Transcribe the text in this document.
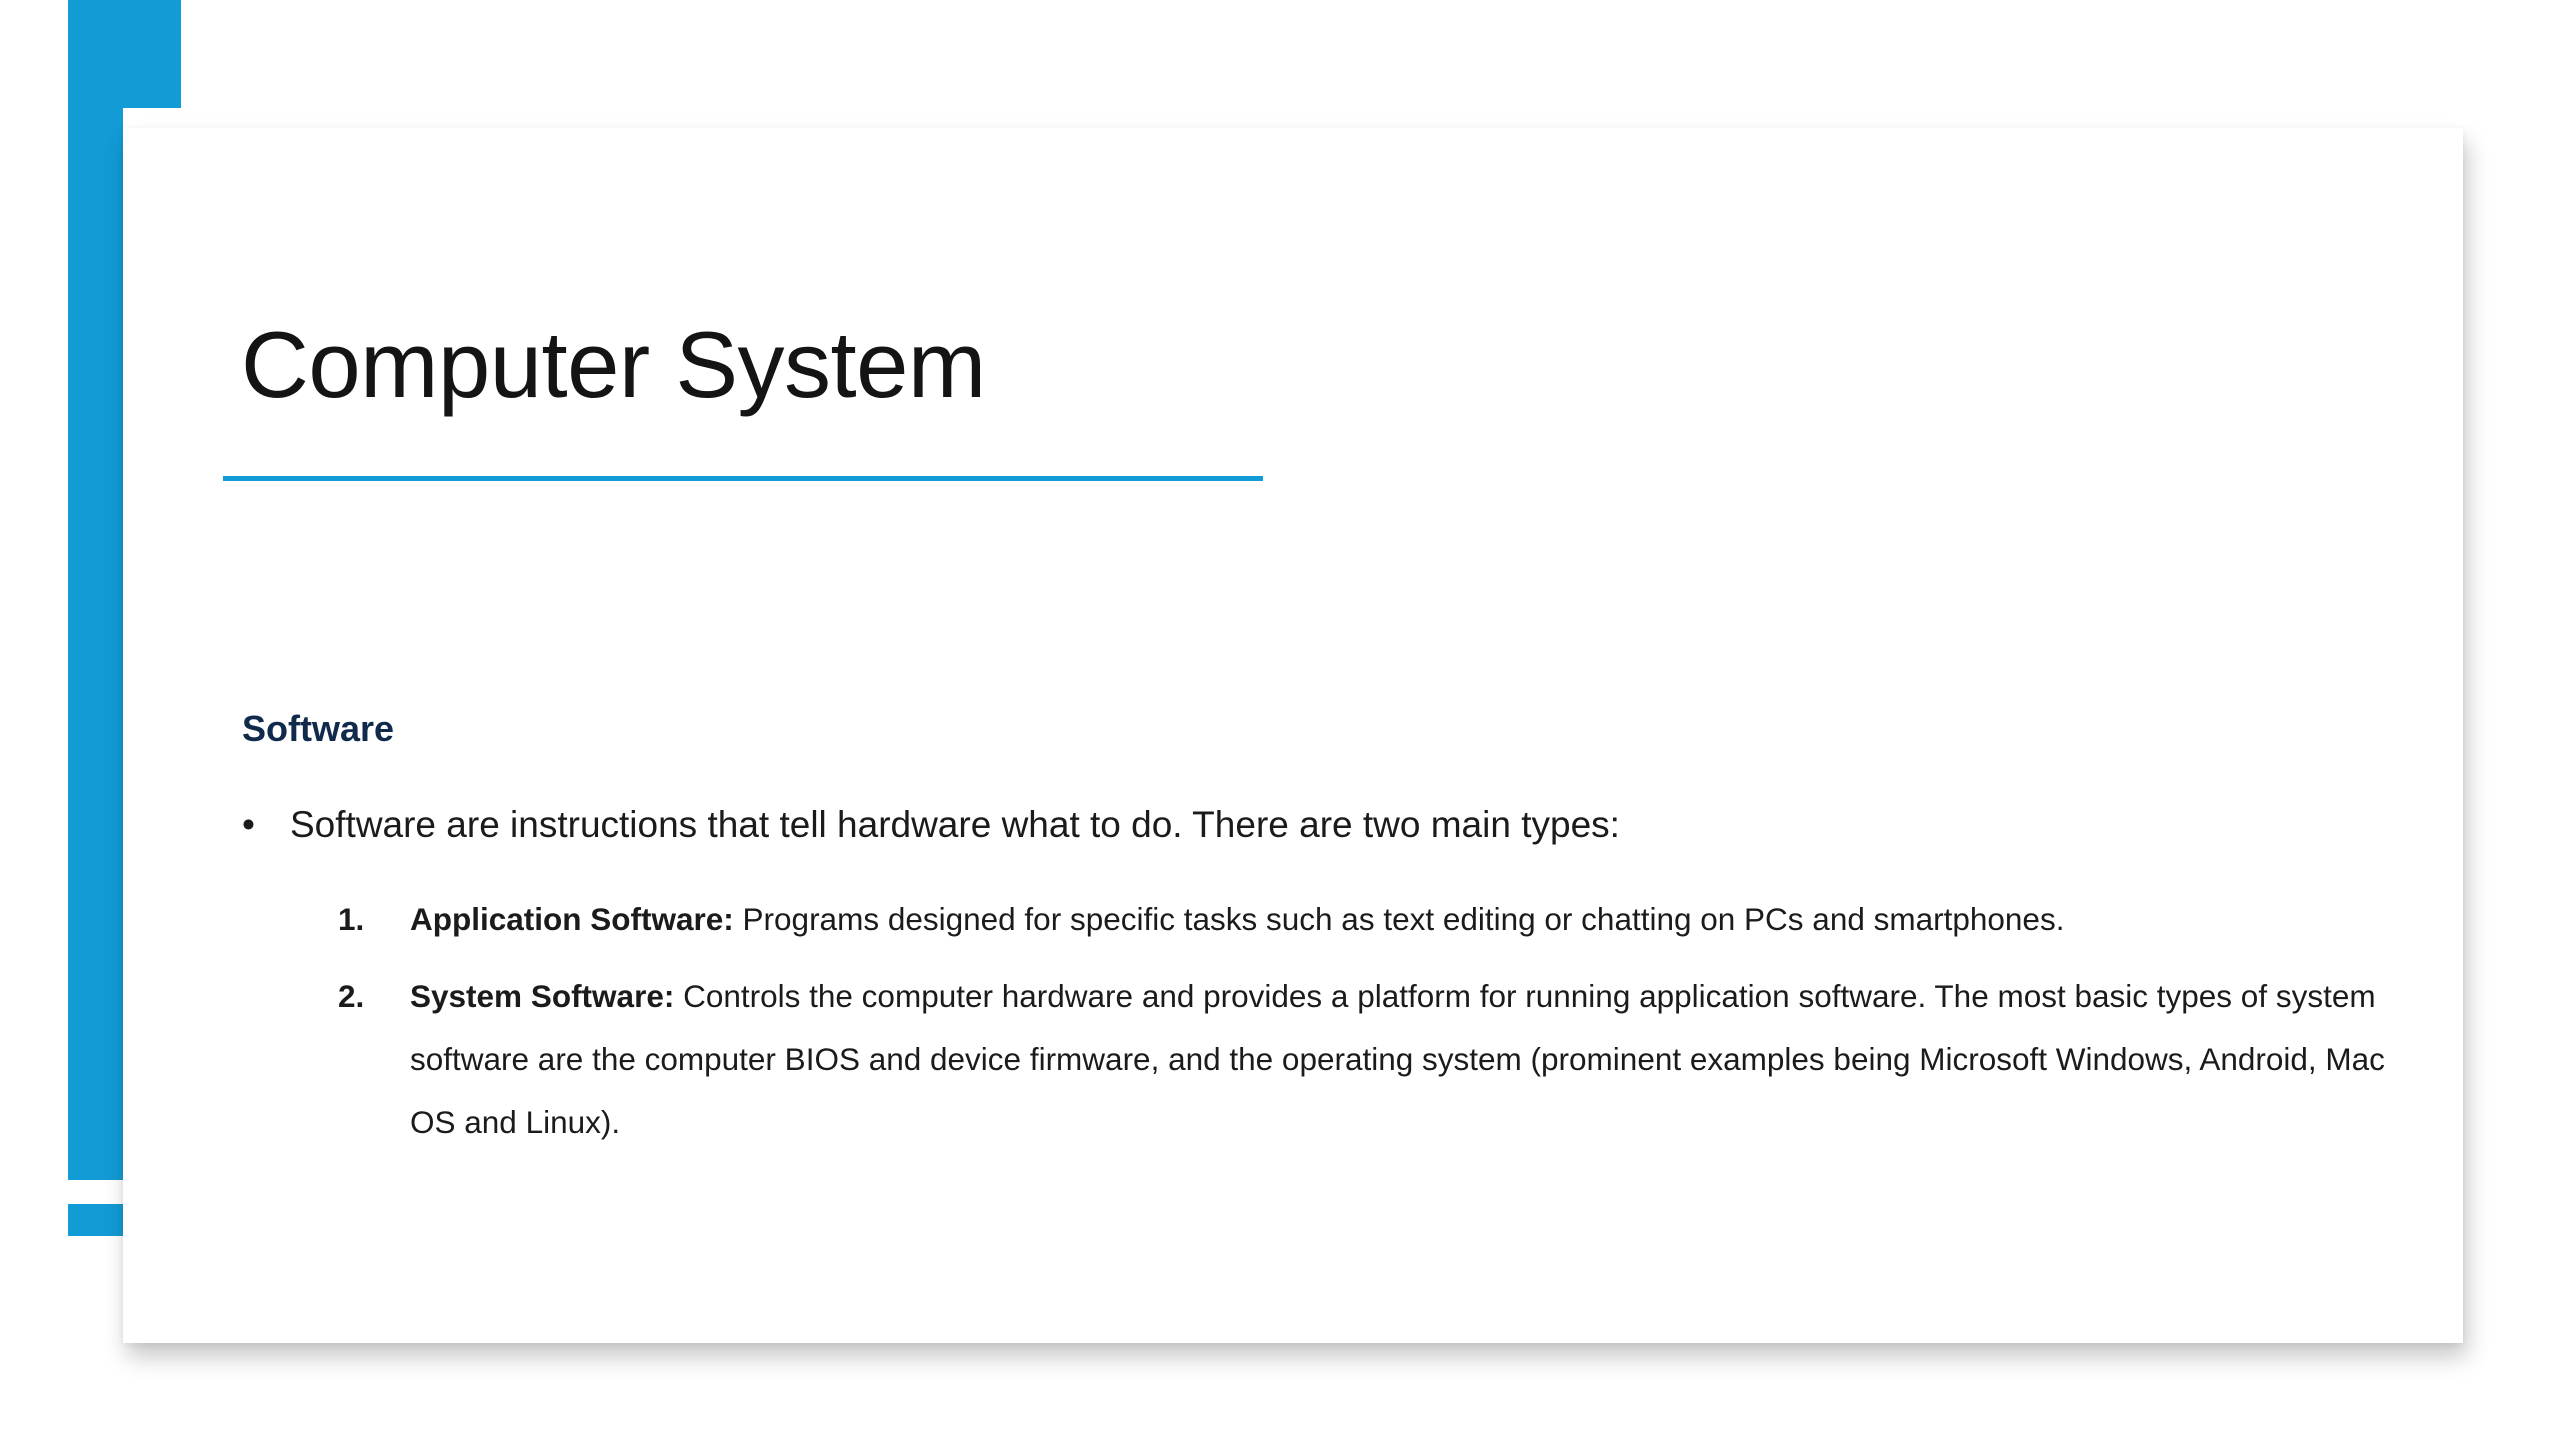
Computer System
Software
• Software are instructions that tell hardware what to do. There are two main types:
1. Application Software: Programs designed for specific tasks such as text editing or chatting on PCs and smartphones.
2. System Software: Controls the computer hardware and provides a platform for running application software. The most basic types of system software are the computer BIOS and device firmware, and the operating system (prominent examples being Microsoft Windows, Android, Mac OS and Linux).
